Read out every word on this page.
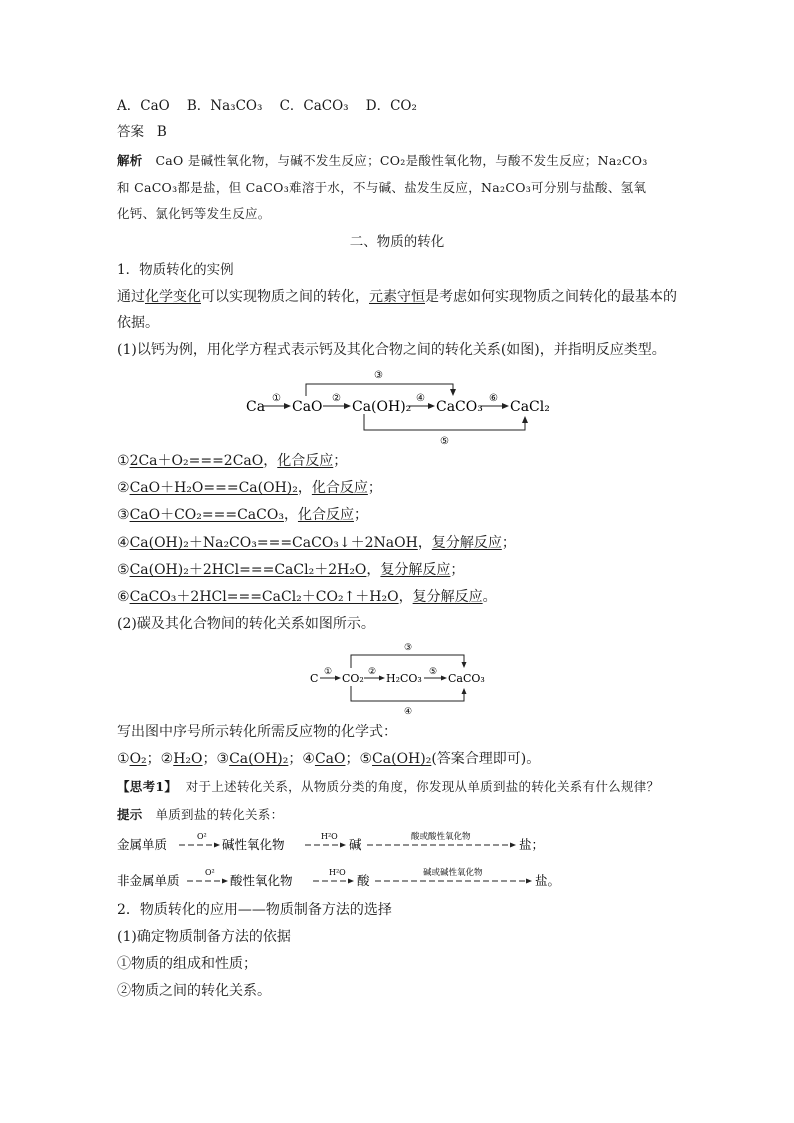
A．CaO B．Na₃CO₃ C．CaCO₃ D．CO₂
答案 B
解析 CaO 是碱性氧化物，与碱不发生反应；CO₂是酸性氧化物，与酸不发生反应；Na₂CO₃
和 CaCO₃都是盐，但 CaCO₃难溶于水，不与碱、盐发生反应，Na₂CO₃可分别与盐酸、氢氧
化钙、氯化钙等发生反应。
二、物质的转化
1．物质转化的实例
通过化学变化可以实现物质之间的转化，元素守恒是考虑如何实现物质之间转化的最基本的
依据。
(1)以钙为例，用化学方程式表示钙及其化合物之间的转化关系(如图)，并指明反应类型。
Ca CaO Ca(OH)₂ CaCO₃ CaCl₂
①	②
③
④
⑤
⑥
①2Ca＋O₂===2CaO，化合反应；
②CaO＋H₂O===Ca(OH)₂，化合反应；
③CaO＋CO₂===CaCO₃，化合反应；
④Ca(OH)₂＋Na₂CO₃===CaCO₃↓＋2NaOH，复分解反应；
⑤Ca(OH)₂＋2HCl===CaCl₂＋2H₂O，复分解反应；
⑥CaCO₃＋2HCl===CaCl₂＋CO₂↑＋H₂O，复分解反应。
(2)碳及其化合物间的转化关系如图所示。
C CO₂ H₂CO₃ CaCO₃
①	②
③
④
⑤
写出图中序号所示转化所需反应物的化学式：
①O₂；②H₂O；③Ca(OH)₂；④CaO；⑤Ca(OH)₂(答案合理即可)。
【思考1】 对于上述转化关系，从物质分类的角度，你发现从单质到盐的转化关系有什么规律？
提示 单质到盐的转化关系：
金属单质
O²
碱性氧化物
H²O
碱	酸或酸性氧化物	盐；
非金属单质
O²
酸性氧化物
H²O
酸	碱或碱性氧化物	盐。
2．物质转化的应用——物质制备方法的选择
(1)确定物质制备方法的依据
①物质的组成和性质；
②物质之间的转化关系。
